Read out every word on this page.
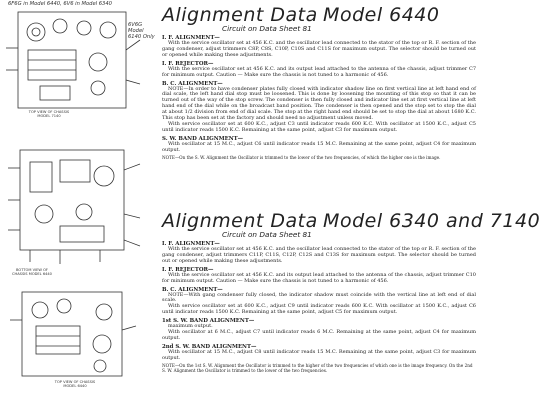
6F6G in Model 6440, 6V6 in Model 6340
6V6G Model 6140 Only
TOP VIEW OF CHASSIS MODEL 7140
BOTTOM VIEW OF CHASSIS MODEL 6440
TOP VIEW OF CHASSIS MODEL 6440
Alignment Data Model 6440
Circuit on Data Sheet 81
I. F. ALIGNMENT—

With the service oscillator set at 456 K.C. and the oscillator lead connected to the stator of the top or R. F. section of the gang condenser, adjust trimmers C8P, C8S, C10P, C10S and C11S for maximum output. The selector should be turned out or opened while making these adjustments.

I. F. REJECTOR—

With the service oscillator set at 456 K.C. and its output lead attached to the antenna of the chassis, adjust trimmer C7 for minimum output. Caution — Make sure the chassis is not tuned to a harmonic of 456.

B. C. ALIGNMENT—

NOTE—In order to have condenser plates fully closed with indicator shadow line on first vertical line at left hand end of dial scale, the left hand dial stop must be loosened. This is done by loosening the mounting of this stop so that it can be turned out of the way of the stop screw. The condenser is then fully closed and indicator line set at first vertical line at left hand end of the dial while on the broadcast band position. The condenser is then opened and the stop set to stop the dial at about 1/2 division from end of dial scale. The stop at the right hand end should be set to stop the dial at about 1680 K.C. This stop has been set at the factory and should need no adjustment unless moved.

With service oscillator set at 600 K.C., adjust C3 until indicator reads 600 K.C. With oscillator at 1500 K.C., adjust C5 until indicator reads 1500 K.C. Remaining at the same point, adjust C3 for maximum output.

S. W. BAND ALIGNMENT—

With oscillator at 15 M.C., adjust C6 until indicator reads 15 M.C. Remaining at the same point, adjust C4 for maximum output.

NOTE—On the S. W. Alignment the Oscillator is trimmed to the lower of the two frequencies, of which the higher one is the image.

Alignment Data Model 6340 and 7140
Circuit on Data Sheet 81
I. F. ALIGNMENT—

With the service oscillator set at 456 K.C. and the oscillator lead connected to the stator of the top or R. F. section of the gang condenser, adjust trimmers C11P, C11S, C12P, C12S and C13S for maximum output. The selector should be turned out or opened while making these adjustments.

I. F. REJECTOR—

With the service oscillator set at 456 K.C. and its output lead attached to the antenna of the chassis, adjust trimmer C10 for minimum output. Caution — Make sure the chassis is not tuned to a harmonic of 456.

B. C. ALIGNMENT—

NOTE—With gang condenser fully closed, the indicator shadow must coincide with the vertical line at left end of dial scale.

With service oscillator set at 600 K.C., adjust C9 until indicator reads 600 K.C. With oscillator at 1500 K.C., adjust C6 until indicator reads 1500 K.C. Remaining at the same point, adjust C5 for maximum output.

1st S. W. BAND ALIGNMENT—

maximum output.

With oscillator at 6 M.C., adjust C7 until indicator reads 6 M.C. Remaining at the same point, adjust C4 for maximum output.

2nd S. W. BAND ALIGNMENT—

With oscillator at 15 M.C., adjust C8 until indicator reads 15 M.C. Remaining at the same point, adjust C3 for maximum output.

NOTE—On the 1st S. W. Alignment the Oscillator is trimmed to the higher of the two frequencies of which one is the image frequency. On the 2nd S. W. Alignment the Oscillator is trimmed to the lower of the two frequencies.
